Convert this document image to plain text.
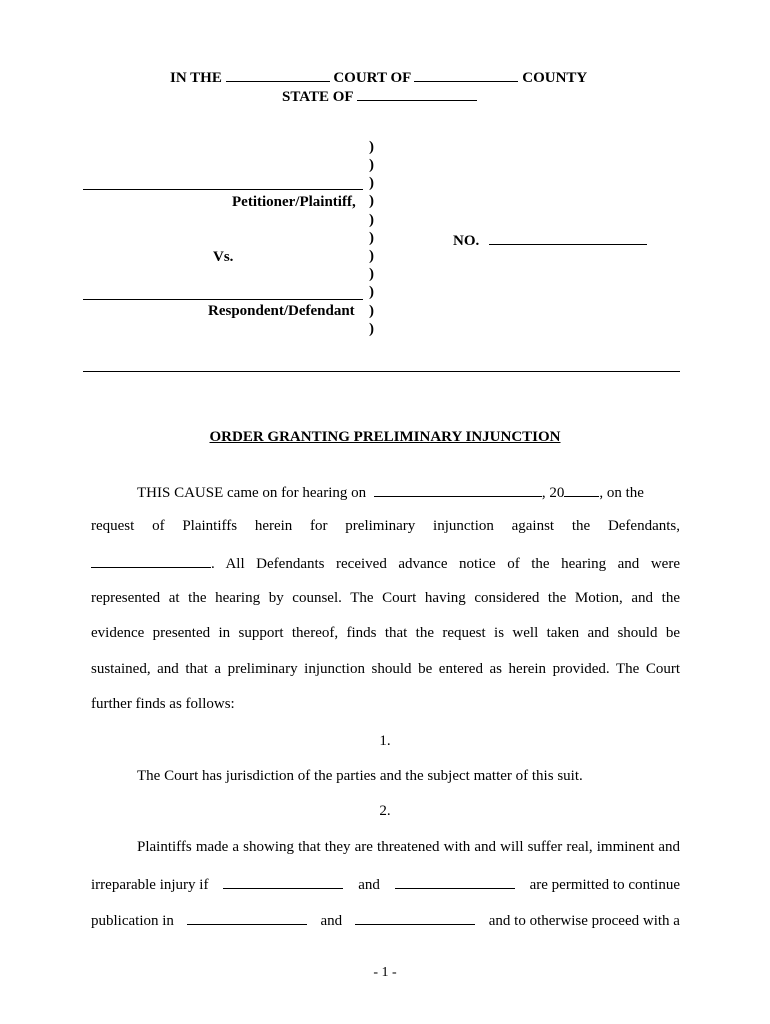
IN THE	COURT OF	COUNTY
STATE OF
)
)
)
)
)
)
)
)
)
)
)
Petitioner/Plaintiff,
Vs.
Respondent/Defendant
NO.
ORDER GRANTING PRELIMINARY INJUNCTION
THIS CAUSE came on for hearing on	, 20 , on the
request of Plaintiffs herein for preliminary injunction against the Defendants,
. All Defendants received advance notice of the hearing and were
represented at the hearing by counsel. The Court having considered the Motion, and the
evidence presented in support thereof, finds that the request is well taken and should be
sustained, and that a preliminary injunction should be entered as herein provided. The Court
further finds as follows:
1.
The Court has jurisdiction of the parties and the subject matter of this suit.
2.
Plaintiffs made a showing that they are threatened with and will suffer real, imminent and
irreparable injury if	and	are permitted to continue
publication in	and	and to otherwise proceed with a
- 1 -
